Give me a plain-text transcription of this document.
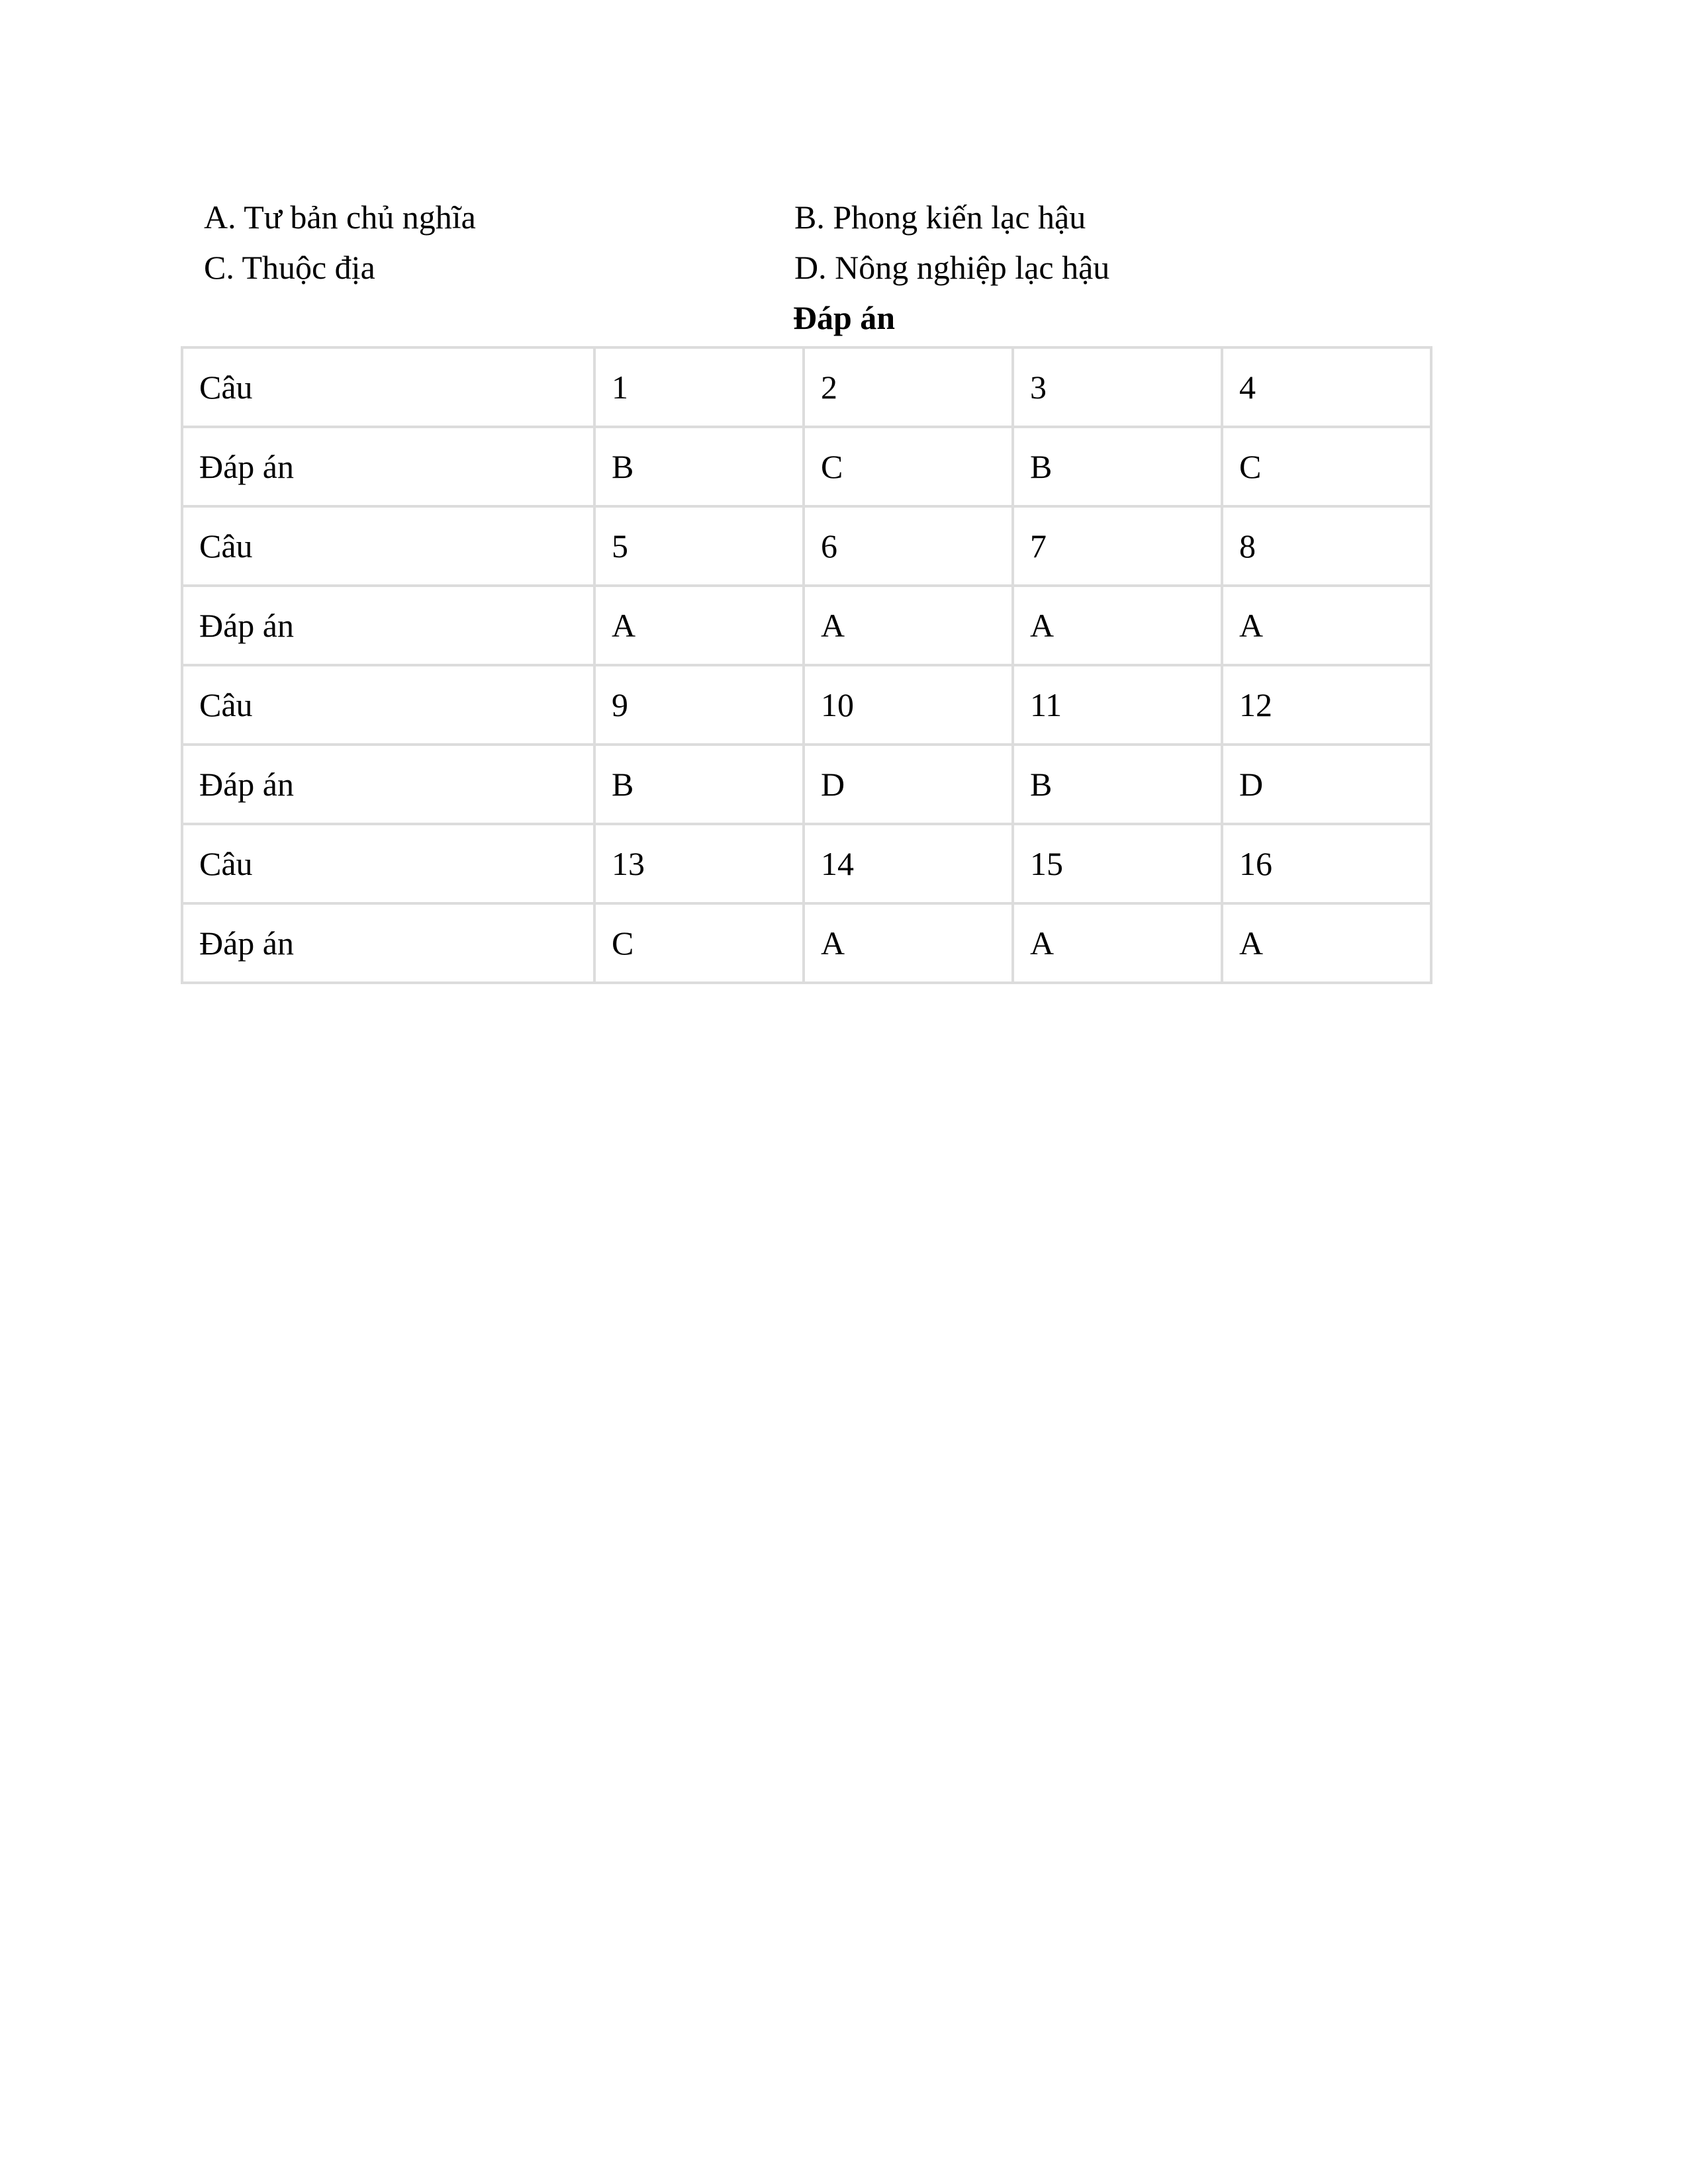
A. Tư bản chủ nghĩa	B. Phong kiến lạc hậu
C. Thuộc địa	D. Nông nghiệp lạc hậu
Đáp án
Câu	1	2	3	4
Đáp án	B	C	B	C
Câu	5	6	7	8
Đáp án	A	A	A	A
Câu	9	10	11	12
Đáp án	B	D	B	D
Câu	13	14	15	16
Đáp án	C	A	A	A
